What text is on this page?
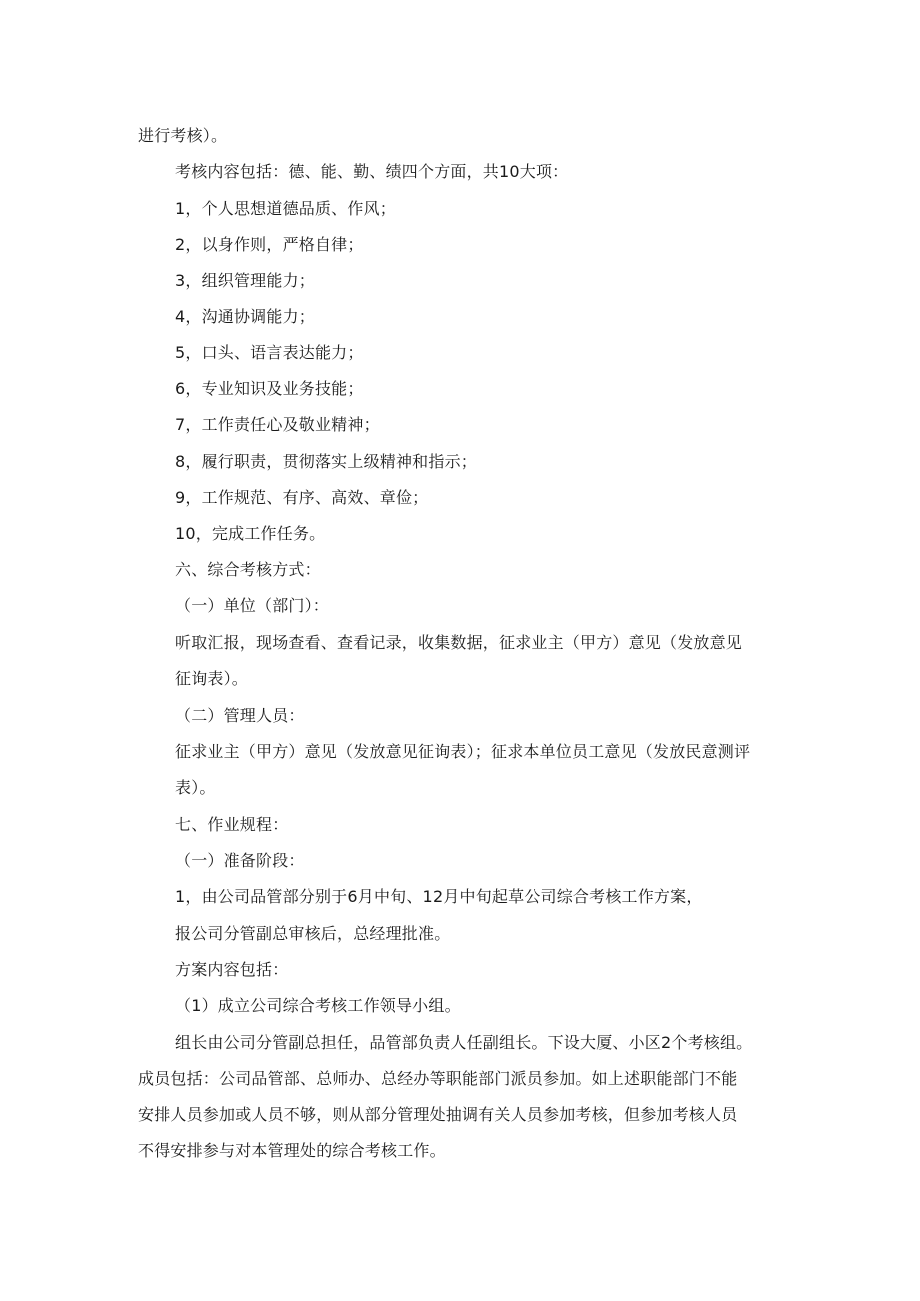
进行考核）。
考核内容包括：德、能、勤、绩四个方面，共10大项：
1，个人思想道德品质、作风；
2，以身作则，严格自律；
3，组织管理能力；
4，沟通协调能力；
5，口头、语言表达能力；
6，专业知识及业务技能；
7，工作责任心及敬业精神；
8，履行职责，贯彻落实上级精神和指示；
9，工作规范、有序、高效、章俭；
10，完成工作任务。
六、综合考核方式：
（一）单位（部门）：
听取汇报，现场查看、查看记录，收集数据，征求业主（甲方）意见（发放意见
征询表）。
（二）管理人员：
征求业主（甲方）意见（发放意见征询表）；征求本单位员工意见（发放民意测评
表）。
七、作业规程：
（一）准备阶段：
1，由公司品管部分别于6月中旬、12月中旬起草公司综合考核工作方案，
报公司分管副总审核后，总经理批准。
方案内容包括：
（1）成立公司综合考核工作领导小组。
组长由公司分管副总担任，品管部负责人任副组长。下设大厦、小区2个考核组。
成员包括：公司品管部、总师办、总经办等职能部门派员参加。如上述职能部门不能
安排人员参加或人员不够，则从部分管理处抽调有关人员参加考核，但参加考核人员
不得安排参与对本管理处的综合考核工作。
